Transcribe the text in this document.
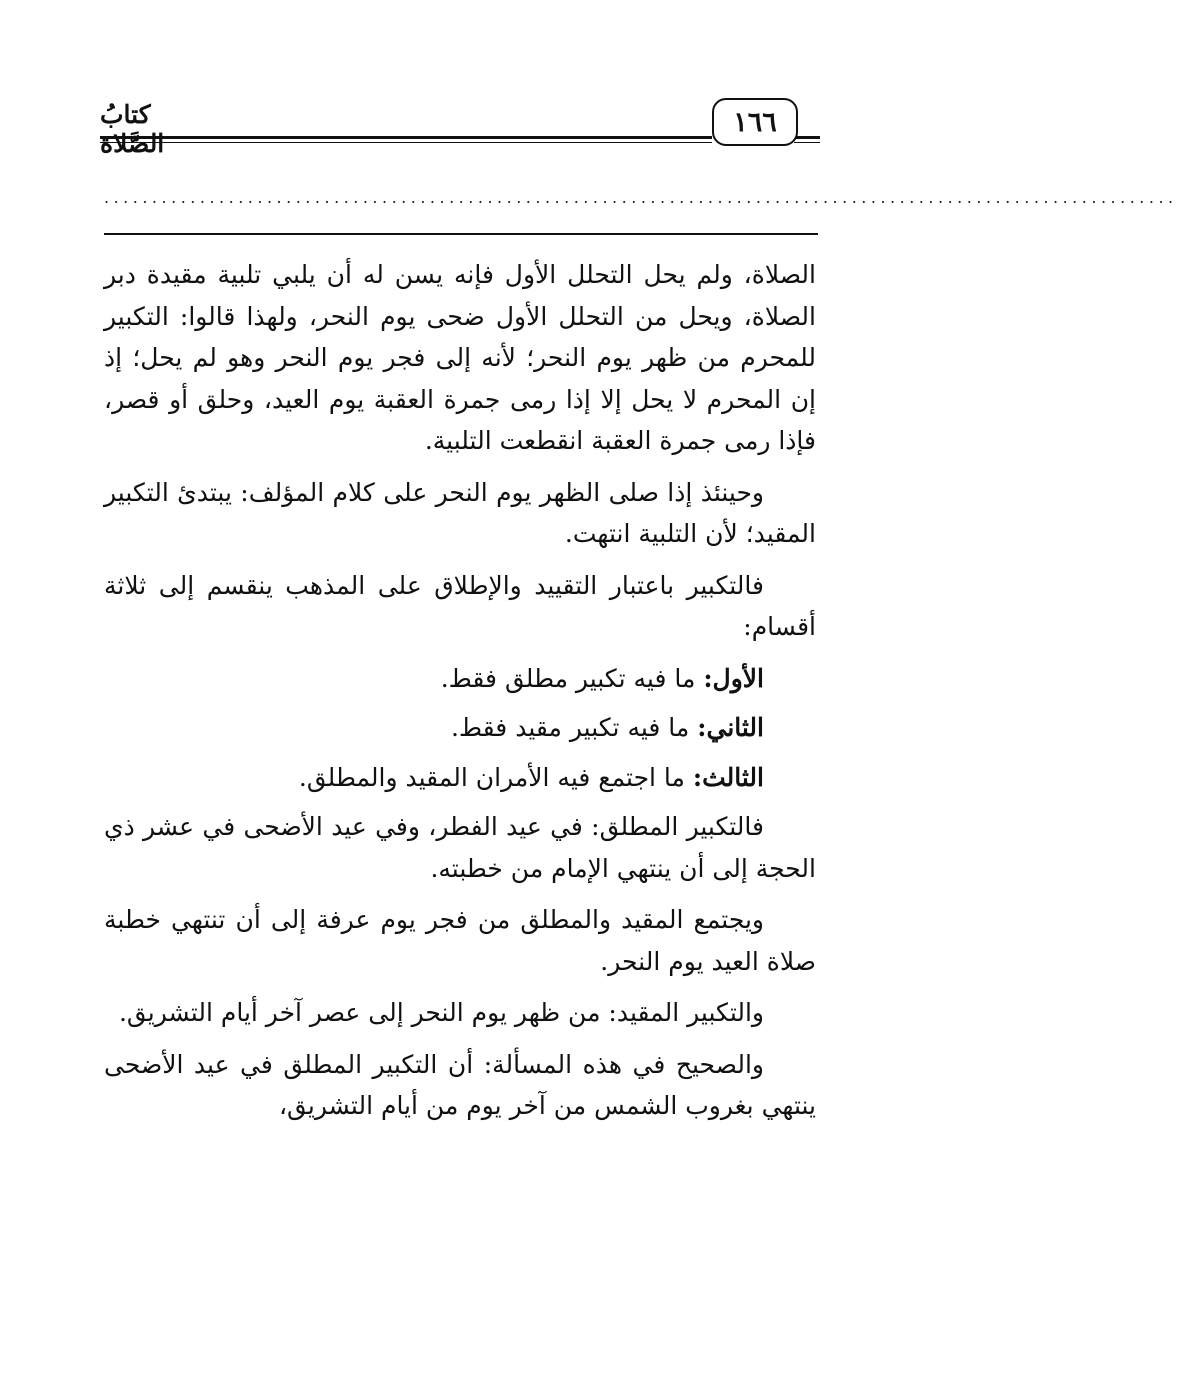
كتابُ الصَّلاة
١٦٦
................................................................................................................

الصلاة، ولم يحل التحلل الأول فإنه يسن له أن يلبي تلبية مقيدة دبر الصلاة، ويحل من التحلل الأول ضحى يوم النحر، ولهذا قالوا: التكبير للمحرم من ظهر يوم النحر؛ لأنه إلى فجر يوم النحر وهو لم يحل؛ إذ إن المحرم لا يحل إلا إذا رمى جمرة العقبة يوم العيد، وحلق أو قصر، فإذا رمى جمرة العقبة انقطعت التلبية.

وحينئذ إذا صلى الظهر يوم النحر على كلام المؤلف: يبتدئ التكبير المقيد؛ لأن التلبية انتهت.

فالتكبير باعتبار التقييد والإطلاق على المذهب ينقسم إلى ثلاثة أقسام:

الأول: ما فيه تكبير مطلق فقط.

الثاني: ما فيه تكبير مقيد فقط.

الثالث: ما اجتمع فيه الأمران المقيد والمطلق.

فالتكبير المطلق: في عيد الفطر، وفي عيد الأضحى في عشر ذي الحجة إلى أن ينتهي الإمام من خطبته.

ويجتمع المقيد والمطلق من فجر يوم عرفة إلى أن تنتهي خطبة صلاة العيد يوم النحر.

والتكبير المقيد: من ظهر يوم النحر إلى عصر آخر أيام التشريق.

والصحيح في هذه المسألة: أن التكبير المطلق في عيد الأضحى ينتهي بغروب الشمس من آخر يوم من أيام التشريق،
